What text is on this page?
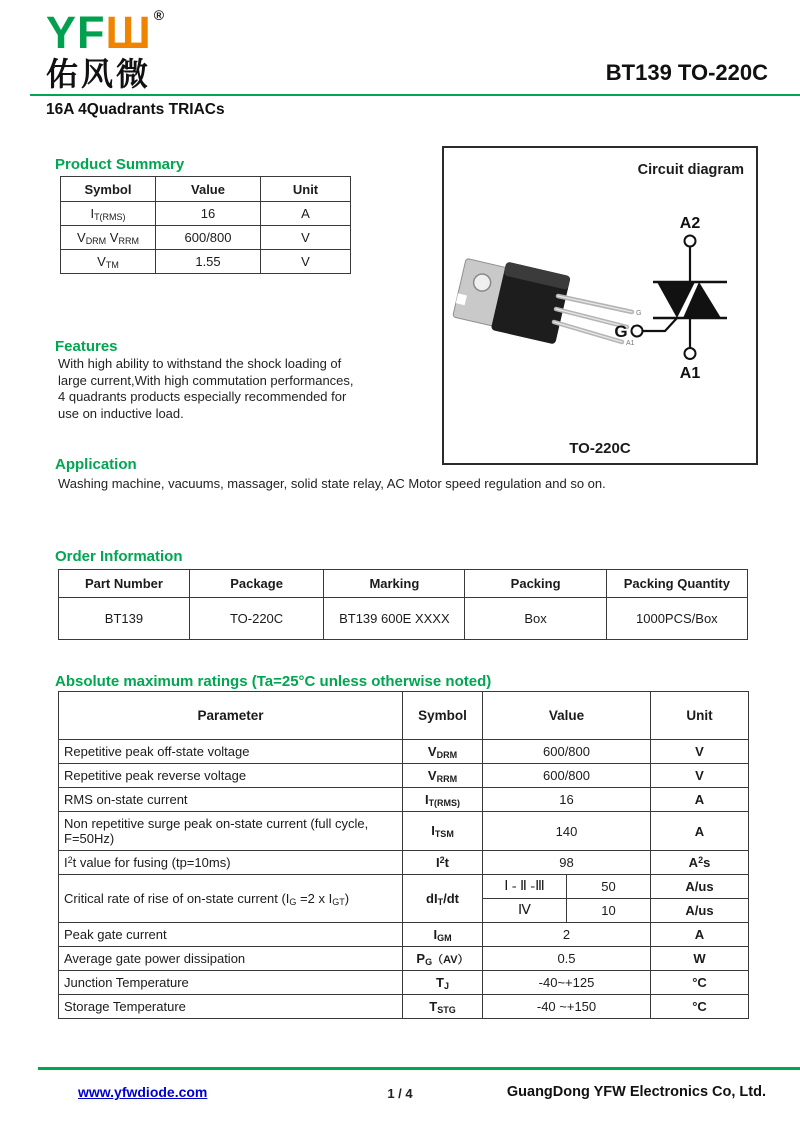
YFШ ®
佑风微	BT139 TO-220C
16A 4Quadrants TRIACs
Product Summary
Symbol	Value	Unit
$I_{T(RMS)}$	16	A
$V_{DRM}$ $V_{RRM}$	600/800	V
$V_{TM}$	1.55	V
Circuit diagram
G
A1
A2
A1
G
TO-220C
Features
With high ability to withstand the shock loading of
large current,With high commutation performances,
4 quadrants products especially recommended for
use on inductive load.
Application
Washing machine, vacuums, massager, solid state relay, AC Motor speed regulation and so on.
Order Information
Part Number	Package	Marking	Packing	Packing Quantity
BT139	TO-220C	BT139 600E XXXX	Box	1000PCS/Box
Absolute maximum ratings (Ta=25°C unless otherwise noted)
Parameter	Symbol	Value		Unit
Repetitive peak off-state voltage	$V_{DRM}$	600/800		V
Repetitive peak reverse voltage	$V_{RRM}$	600/800		V
RMS on-state current	$I_{T(RMS)}$	16		A
Non repetitive surge peak on-state current (full cycle, F=50Hz)	$I_{TSM}$	140		A
$I^2t$ value for fusing (tp=10ms)	$I^2t$	98		$A^2s$
Critical rate of rise of on-state current ($I_G =2$ x $I_{GT}$)	$dI_T/dt$	Ⅰ - Ⅱ -Ⅲ	50	A/us
		Ⅳ	10	A/us
Peak gate current	$I_{GM}$	2		A
Average gate power dissipation	$P_G(AV)$	0.5		W
Junction Temperature	$T_J$	-40~+125		°C
Storage Temperature	$T_{STG}$	-40 ~+150		°C
www.yfwdiode.com	1 / 4	GuangDong YFW Electronics Co, Ltd.
